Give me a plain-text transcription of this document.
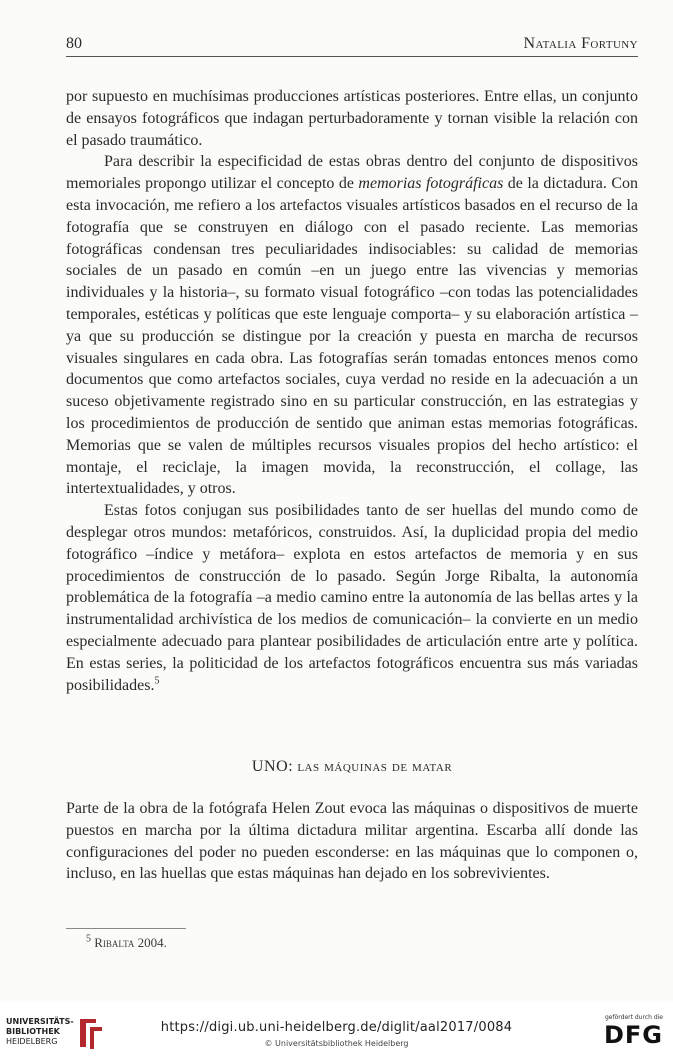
80	Natalia Fortuny

por supuesto en muchísimas producciones artísticas posteriores. Entre ellas, un conjunto de ensayos fotográficos que indagan perturbadoramente y tornan visible la relación con el pasado traumático.

Para describir la especificidad de estas obras dentro del conjunto de dispositivos memoriales propongo utilizar el concepto de memorias fotográficas de la dictadura. Con esta invocación, me refiero a los artefactos visuales artísticos basados en el recurso de la fotografía que se construyen en diálogo con el pasado reciente. Las memorias fotográficas condensan tres peculiaridades indisociables: su calidad de memorias sociales de un pasado en común –en un juego entre las vivencias y memorias individuales y la historia–, su formato visual fotográfico –con todas las potencialidades temporales, estéticas y políticas que este lenguaje comporta– y su elaboración artística –ya que su producción se distingue por la creación y puesta en marcha de recursos visuales singulares en cada obra. Las fotografías serán tomadas entonces menos como documentos que como artefactos sociales, cuya verdad no reside en la adecuación a un suceso objetivamente registrado sino en su particular construcción, en las estrategias y los procedimientos de producción de sentido que animan estas memorias fotográficas. Memorias que se valen de múltiples recursos visuales propios del hecho artístico: el montaje, el reciclaje, la imagen movida, la reconstrucción, el collage, las intertextualidades, y otros.

Estas fotos conjugan sus posibilidades tanto de ser huellas del mundo como de desplegar otros mundos: metafóricos, construidos. Así, la duplicidad propia del medio fotográfico –índice y metáfora– explota en estos artefactos de memoria y en sus procedimientos de construcción de lo pasado. Según Jorge Ribalta, la autonomía problemática de la fotografía –a medio camino entre la autonomía de las bellas artes y la instrumentalidad archivística de los medios de comunicación– la convierte en un medio especialmente adecuado para plantear posibilidades de articulación entre arte y política. En estas series, la politicidad de los artefactos fotográficos encuentra sus más variadas posibilidades.$^5$

UNO: las máquinas de matar

Parte de la obra de la fotógrafa Helen Zout evoca las máquinas o dispositivos de muerte puestos en marcha por la última dictadura militar argentina. Escarba allí donde las configuraciones del poder no pueden esconderse: en las máquinas que lo componen o, incluso, en las huellas que estas máquinas han dejado en los sobrevivientes.

$^5$ Ribalta 2004.
UNIVERSITÄTS-
BIBLIOTHEK
HEIDELBERG
https://digi.ub.uni-heidelberg.de/diglit/aal2017/0084
© Universitätsbibliothek Heidelberg
gefördert durch die
DFG
